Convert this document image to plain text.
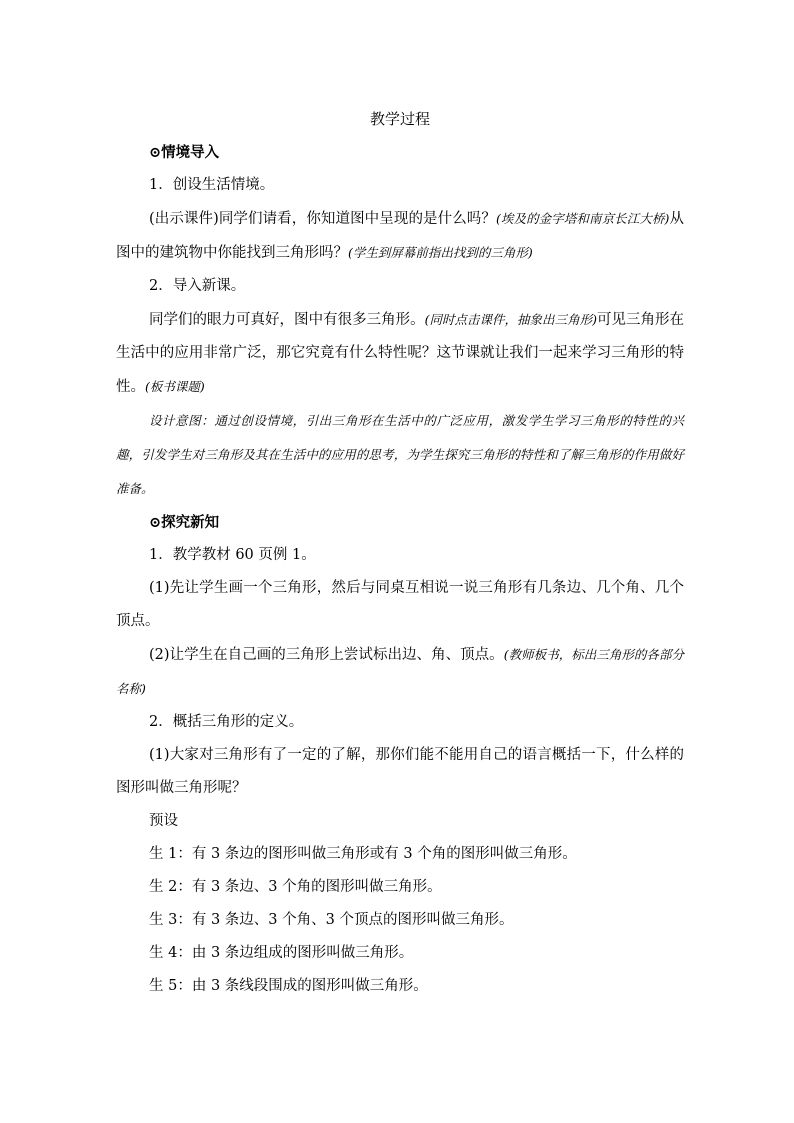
教学过程

⊙情境导入

1．创设生活情境。

(出示课件)同学们请看，你知道图中呈现的是什么吗？(埃及的金字塔和南京长江大桥)从图中的建筑物中你能找到三角形吗？(学生到屏幕前指出找到的三角形)

2．导入新课。

同学们的眼力可真好，图中有很多三角形。(同时点击课件，抽象出三角形)可见三角形在生活中的应用非常广泛，那它究竟有什么特性呢？这节课就让我们一起来学习三角形的特性。(板书课题)

设计意图：通过创设情境，引出三角形在生活中的广泛应用，激发学生学习三角形的特性的兴趣，引发学生对三角形及其在生活中的应用的思考，为学生探究三角形的特性和了解三角形的作用做好准备。

⊙探究新知

1．教学教材 60 页例 1。

(1)先让学生画一个三角形，然后与同桌互相说一说三角形有几条边、几个角、几个顶点。

(2)让学生在自己画的三角形上尝试标出边、角、顶点。(教师板书，标出三角形的各部分名称)

2．概括三角形的定义。

(1)大家对三角形有了一定的了解，那你们能不能用自己的语言概括一下，什么样的图形叫做三角形呢？

预设

生 1：有 3 条边的图形叫做三角形或有 3 个角的图形叫做三角形。

生 2：有 3 条边、3 个角的图形叫做三角形。

生 3：有 3 条边、3 个角、3 个顶点的图形叫做三角形。

生 4：由 3 条边组成的图形叫做三角形。

生 5：由 3 条线段围成的图形叫做三角形。
